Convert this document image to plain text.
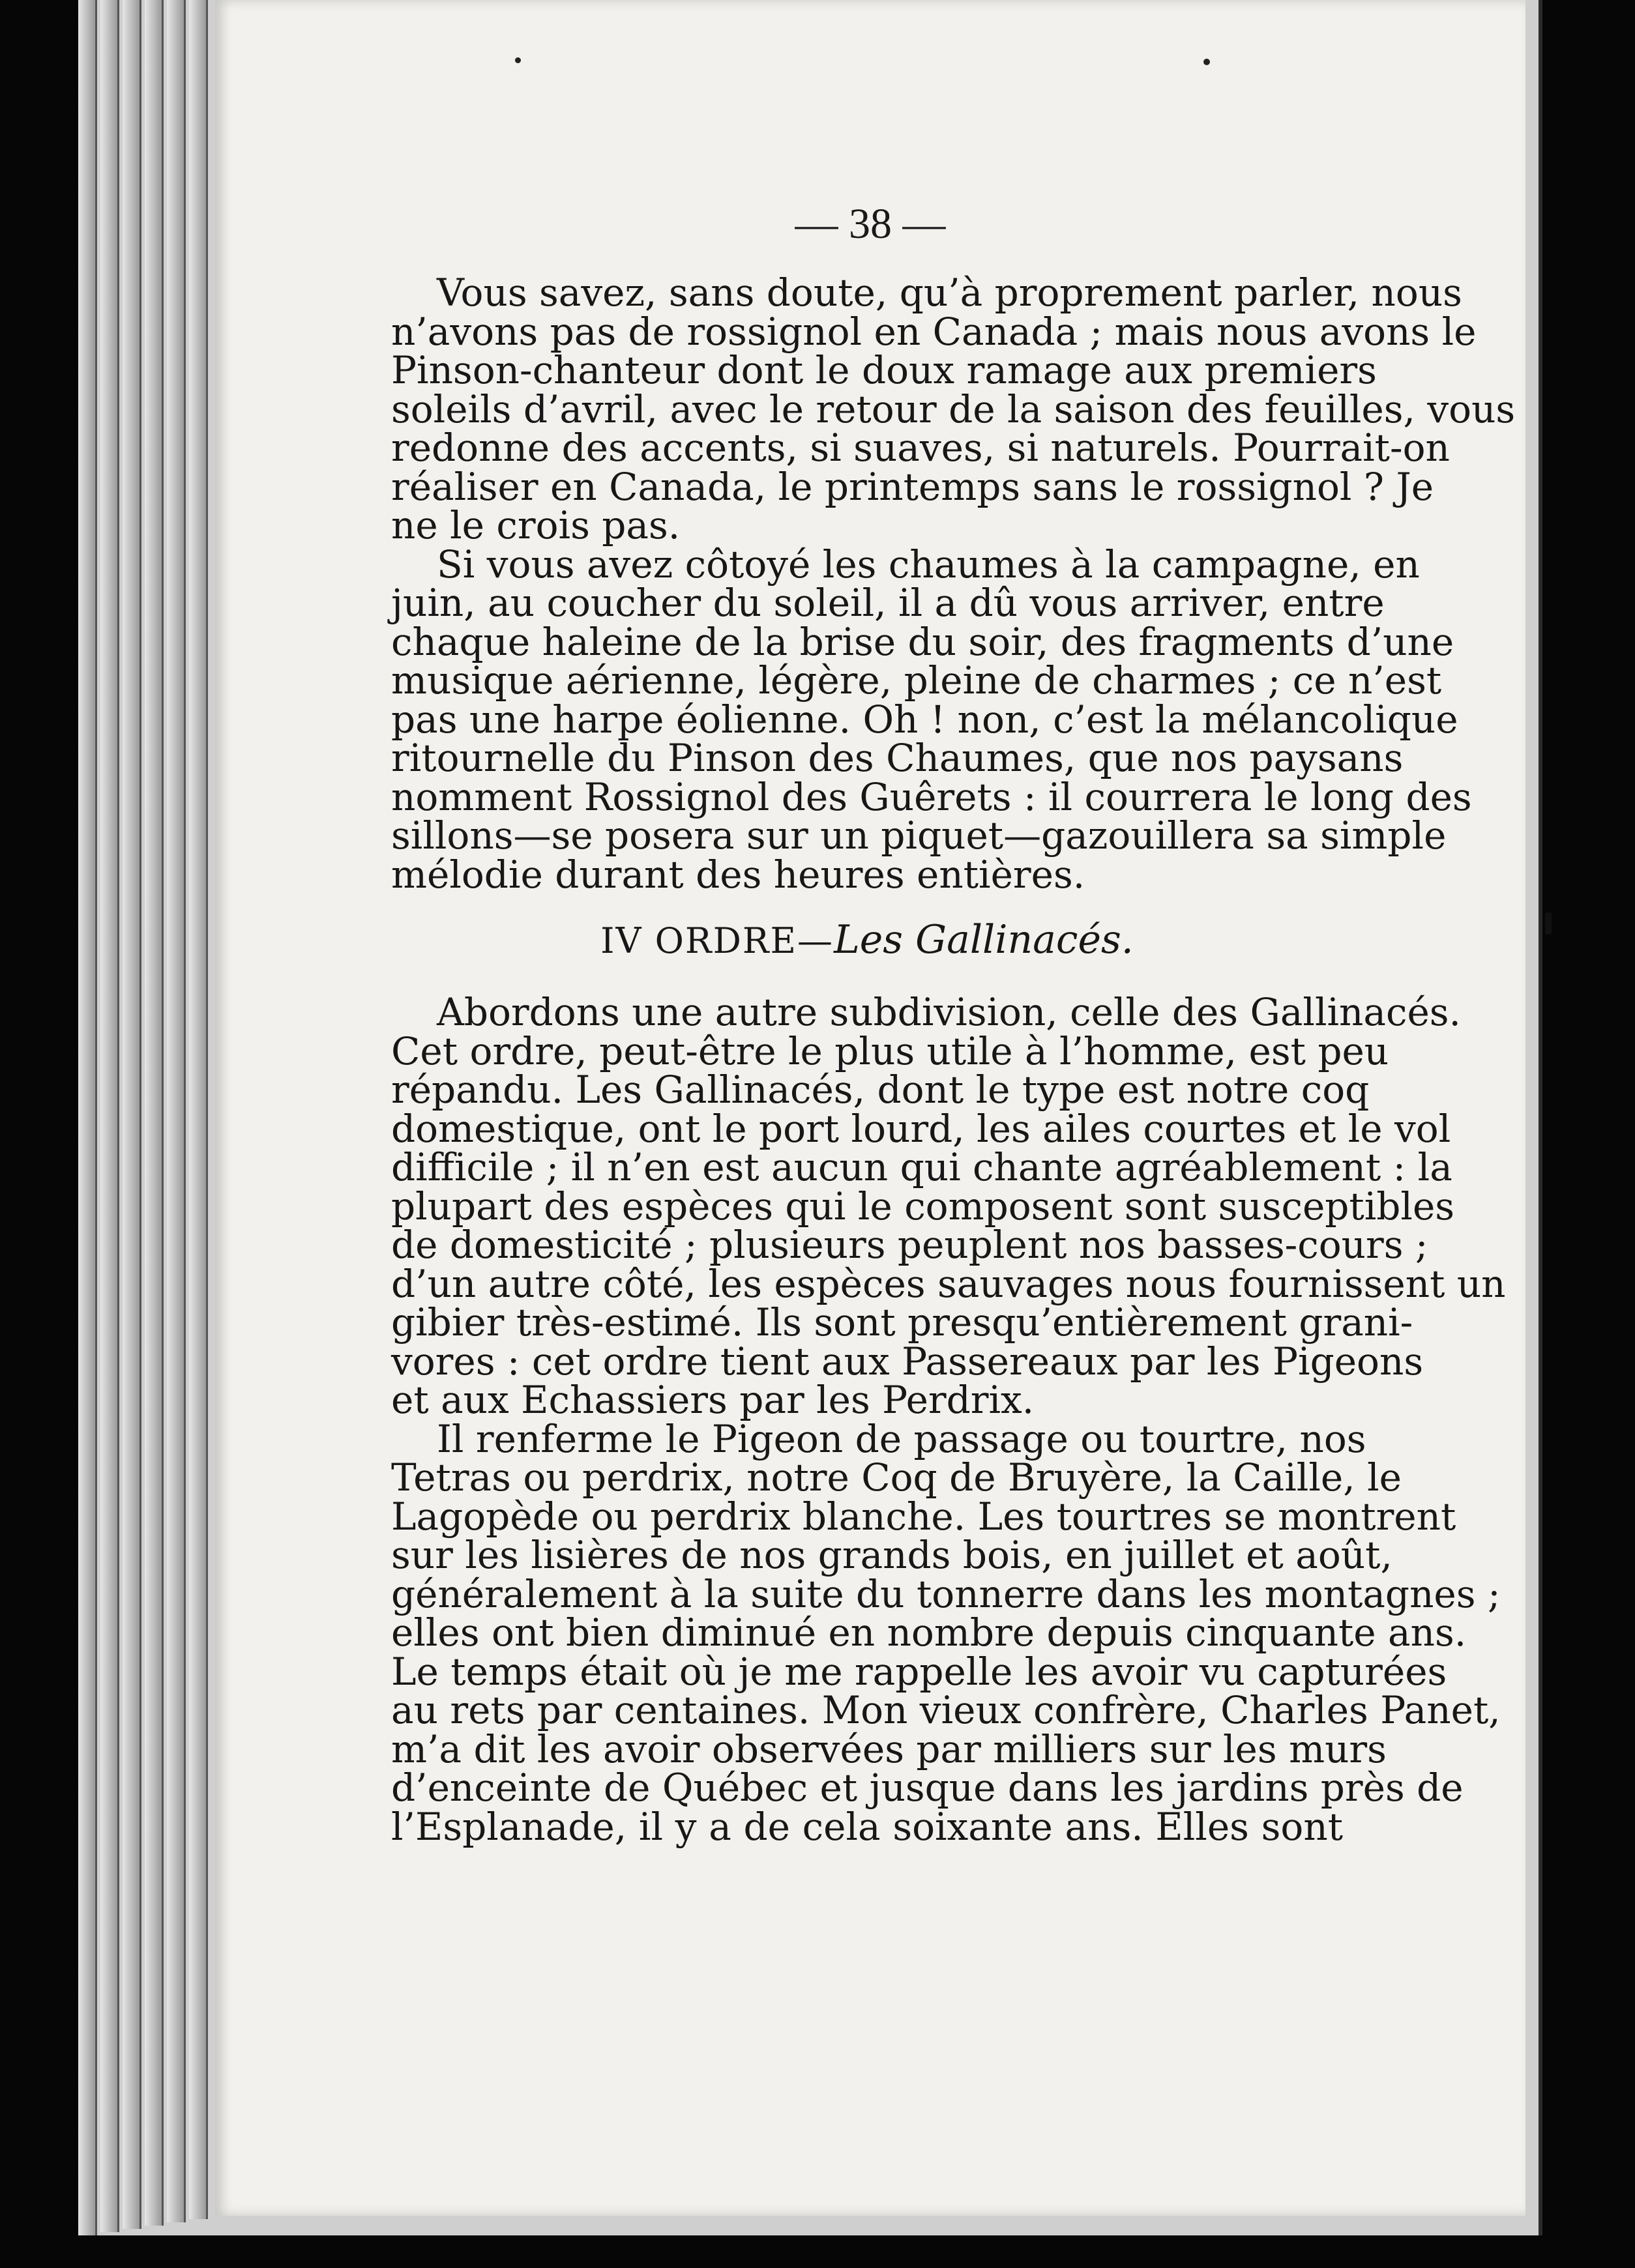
— 38 —
Vous savez, sans doute, qu’à proprement parler, nous
n’avons pas de rossignol en Canada ; mais nous avons le
Pinson-chanteur dont le doux ramage aux premiers
soleils d’avril, avec le retour de la saison des feuilles, vous
redonne des accents, si suaves, si naturels. Pourrait-on
réaliser en Canada, le printemps sans le rossignol ? Je
ne le crois pas.
Si vous avez côtoyé les chaumes à la campagne, en
juin, au coucher du soleil, il a dû vous arriver, entre
chaque haleine de la brise du soir, des fragments d’une
musique aérienne, légère, pleine de charmes ; ce n’est
pas une harpe éolienne. Oh ! non, c’est la mélancolique
ritournelle du Pinson des Chaumes, que nos paysans
nomment Rossignol des Guêrets : il courrera le long des
sillons—se posera sur un piquet—gazouillera sa simple
mélodie durant des heures entières.
IV ORDRE—Les Gallinacés.
Abordons une autre subdivision, celle des Gallinacés.
Cet ordre, peut-être le plus utile à l’homme, est peu
répandu. Les Gallinacés, dont le type est notre coq
domestique, ont le port lourd, les ailes courtes et le vol
difficile ; il n’en est aucun qui chante agréablement : la
plupart des espèces qui le composent sont susceptibles
de domesticité ; plusieurs peuplent nos basses-cours ;
d’un autre côté, les espèces sauvages nous fournissent un
gibier très-estimé. Ils sont presqu’entièrement grani-
vores : cet ordre tient aux Passereaux par les Pigeons
et aux Echassiers par les Perdrix.
Il renferme le Pigeon de passage ou tourtre, nos
Tetras ou perdrix, notre Coq de Bruyère, la Caille, le
Lagopède ou perdrix blanche. Les tourtres se montrent
sur les lisières de nos grands bois, en juillet et août,
généralement à la suite du tonnerre dans les montagnes ;
elles ont bien diminué en nombre depuis cinquante ans.
Le temps était où je me rappelle les avoir vu capturées
au rets par centaines. Mon vieux confrère, Charles Panet,
m’a dit les avoir observées par milliers sur les murs
d’enceinte de Québec et jusque dans les jardins près de
l’Esplanade, il y a de cela soixante ans. Elles sont
